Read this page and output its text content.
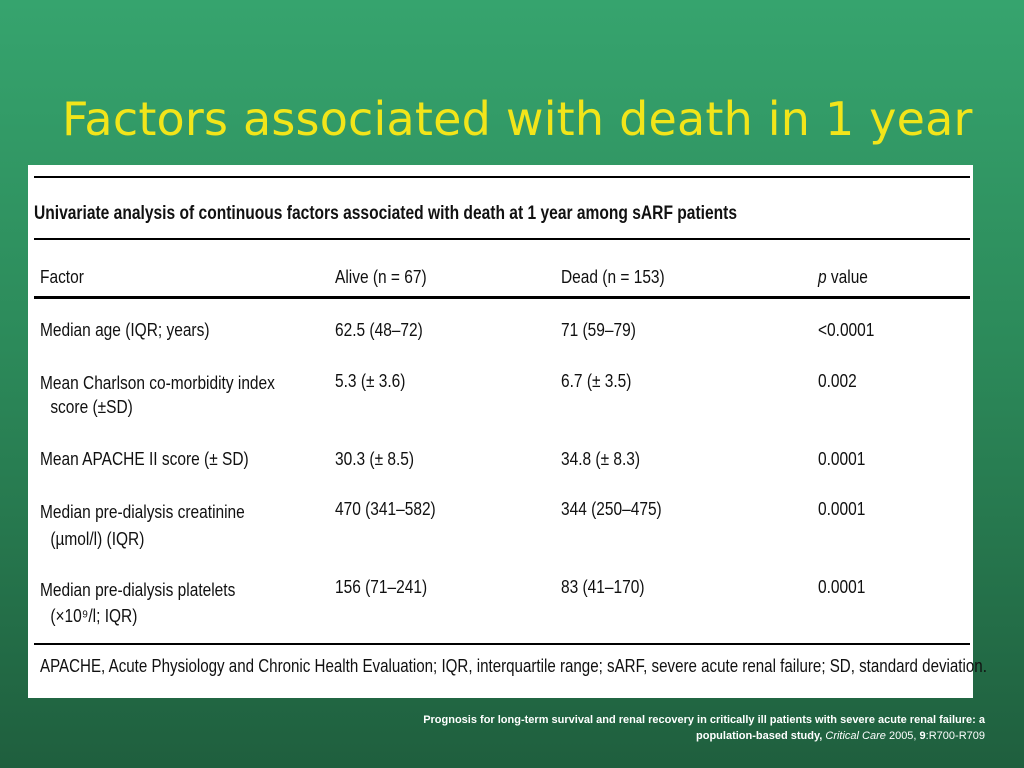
Factors associated with death in 1 year
Univariate analysis of continuous factors associated with death at 1 year among sARF patients
Factor	Alive (n = 67)	Dead (n = 153)	p value
Median age (IQR; years)	62.5 (48–72)	71 (59–79)	<0.0001
Mean Charlson co-morbidity index
score (±SD)
5.3 (± 3.6)	6.7 (± 3.5)	0.002
Mean APACHE II score (± SD)	30.3 (± 8.5)	34.8 (± 8.3)	0.0001
Median pre-dialysis creatinine
(µmol/l) (IQR)
470 (341–582)	344 (250–475)	0.0001
Median pre-dialysis platelets
(×10⁹/l; IQR)
156 (71–241)	83 (41–170)	0.0001
APACHE, Acute Physiology and Chronic Health Evaluation; IQR, interquartile range; sARF, severe acute renal failure; SD, standard deviation.
Prognosis for long-term survival and renal recovery in critically ill patients with severe acute renal failure: a population-based study, Critical Care 2005, 9:R700-R709
